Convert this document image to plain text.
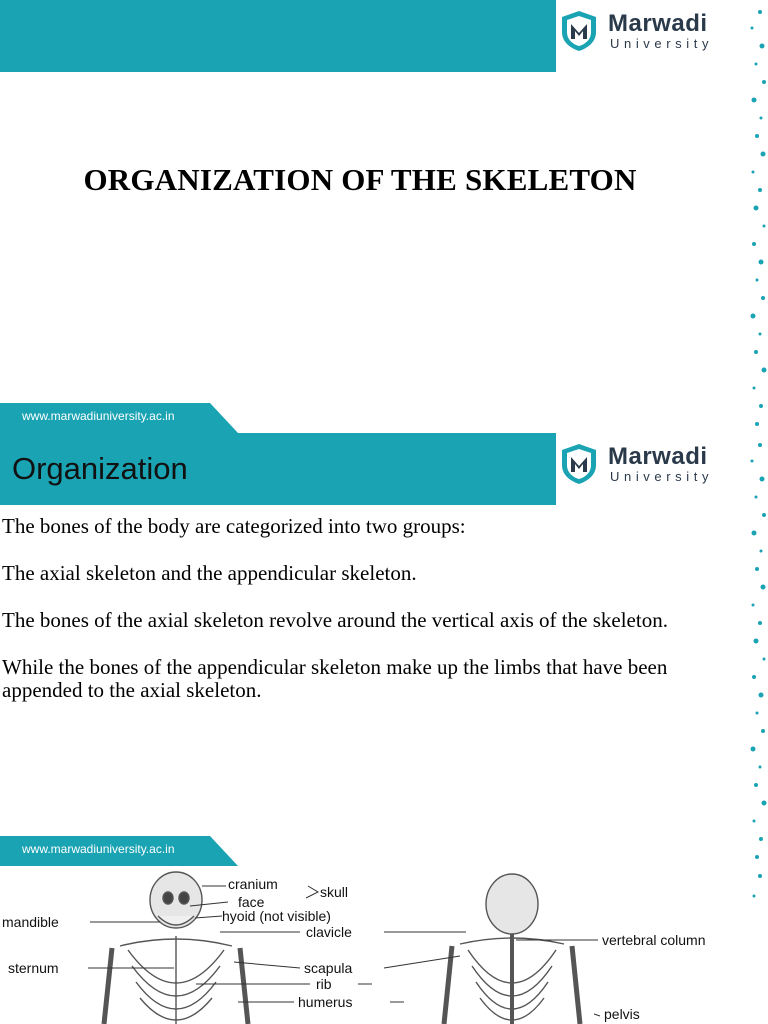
Marwadi
University
ORGANIZATION OF THE SKELETON
www.marwadiuniversity.ac.in
Organization	Marwadi
University

The bones of the body are categorized into two groups:

The axial skeleton and the appendicular skeleton.

The bones of the axial skeleton revolve around the vertical axis of the skeleton.

While the bones of the appendicular skeleton make up the limbs that have been appended to the axial skeleton.

www.marwadiuniversity.ac.in
cranium	skull
face
mandible	hyoid (not visible)
clavicle
sternum	scapula
rib
humerus
vertebral column
pelvis
